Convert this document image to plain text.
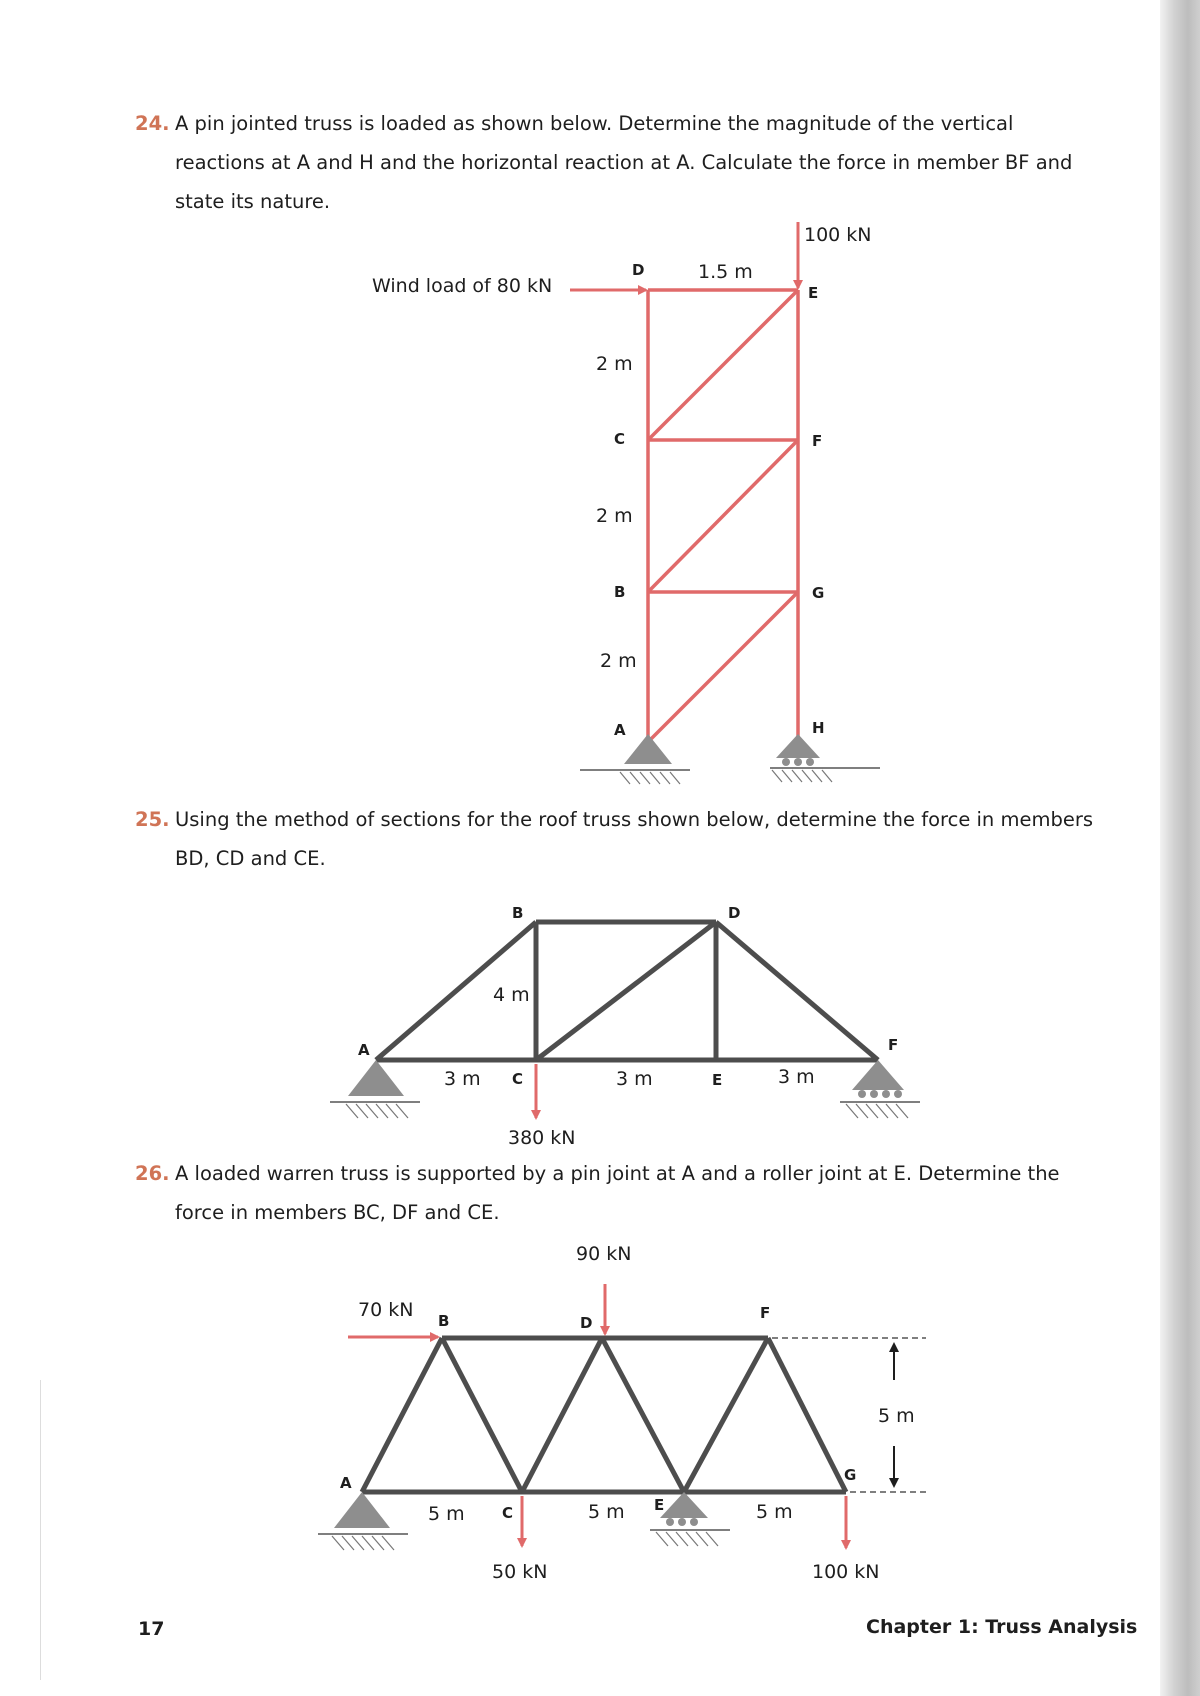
24. A pin jointed truss is loaded as shown below. Determine the magnitude of the vertical reactions at A and H and the horizontal reaction at A. Calculate the force in member BF and state its nature.
25. Using the method of sections for the roof truss shown below, determine the force in members BD, CD and CE.
26. A loaded warren truss is supported by a pin joint at A and a roller joint at E. Determine the force in members BC, DF and CE.
Wind load of 80 kN
100 kN
1.5 m
2 m
2 m
2 m
D
C
B
A
E
F
G
H
380 kN
4 m
3 m	3 m	3 m
B	D
A
C	E
F
70 kN
90 kN
50 kN	100 kN
5 m
5 m	5 m	5 m
A
B
C
D
E
F
G
17	Chapter 1: Truss Analysis
